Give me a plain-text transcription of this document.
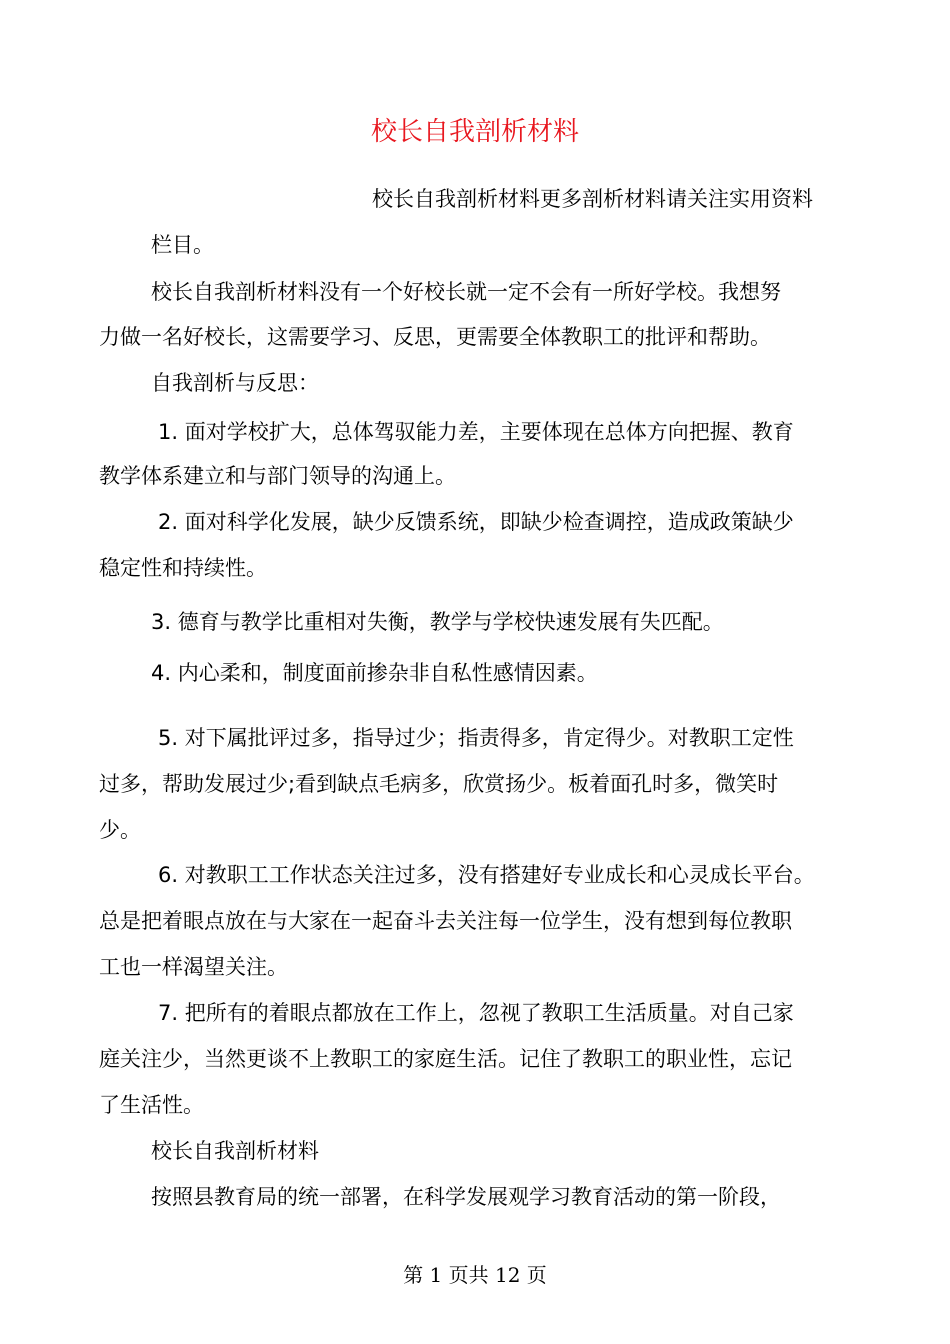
校长自我剖析材料
校长自我剖析材料更多剖析材料请关注实用资料
栏目。
校长自我剖析材料没有一个好校长就一定不会有一所好学校。我想努
力做一名好校长，这需要学习、反思，更需要全体教职工的批评和帮助。
自我剖析与反思：
1. 面对学校扩大，总体驾驭能力差，主要体现在总体方向把握、教育
教学体系建立和与部门领导的沟通上。
2. 面对科学化发展，缺少反馈系统，即缺少检查调控，造成政策缺少
稳定性和持续性。
3. 德育与教学比重相对失衡，教学与学校快速发展有失匹配。
4. 内心柔和，制度面前掺杂非自私性感情因素。
5. 对下属批评过多，指导过少；指责得多，肯定得少。对教职工定性
过多，帮助发展过少;看到缺点毛病多，欣赏扬少。板着面孔时多，微笑时
少。
6. 对教职工工作状态关注过多，没有搭建好专业成长和心灵成长平台。
总是把着眼点放在与大家在一起奋斗去关注每一位学生，没有想到每位教职
工也一样渴望关注。
7. 把所有的着眼点都放在工作上，忽视了教职工生活质量。对自己家
庭关注少，当然更谈不上教职工的家庭生活。记住了教职工的职业性，忘记
了生活性。
校长自我剖析材料
按照县教育局的统一部署，在科学发展观学习教育活动的第一阶段，
第 1 页共 12 页
